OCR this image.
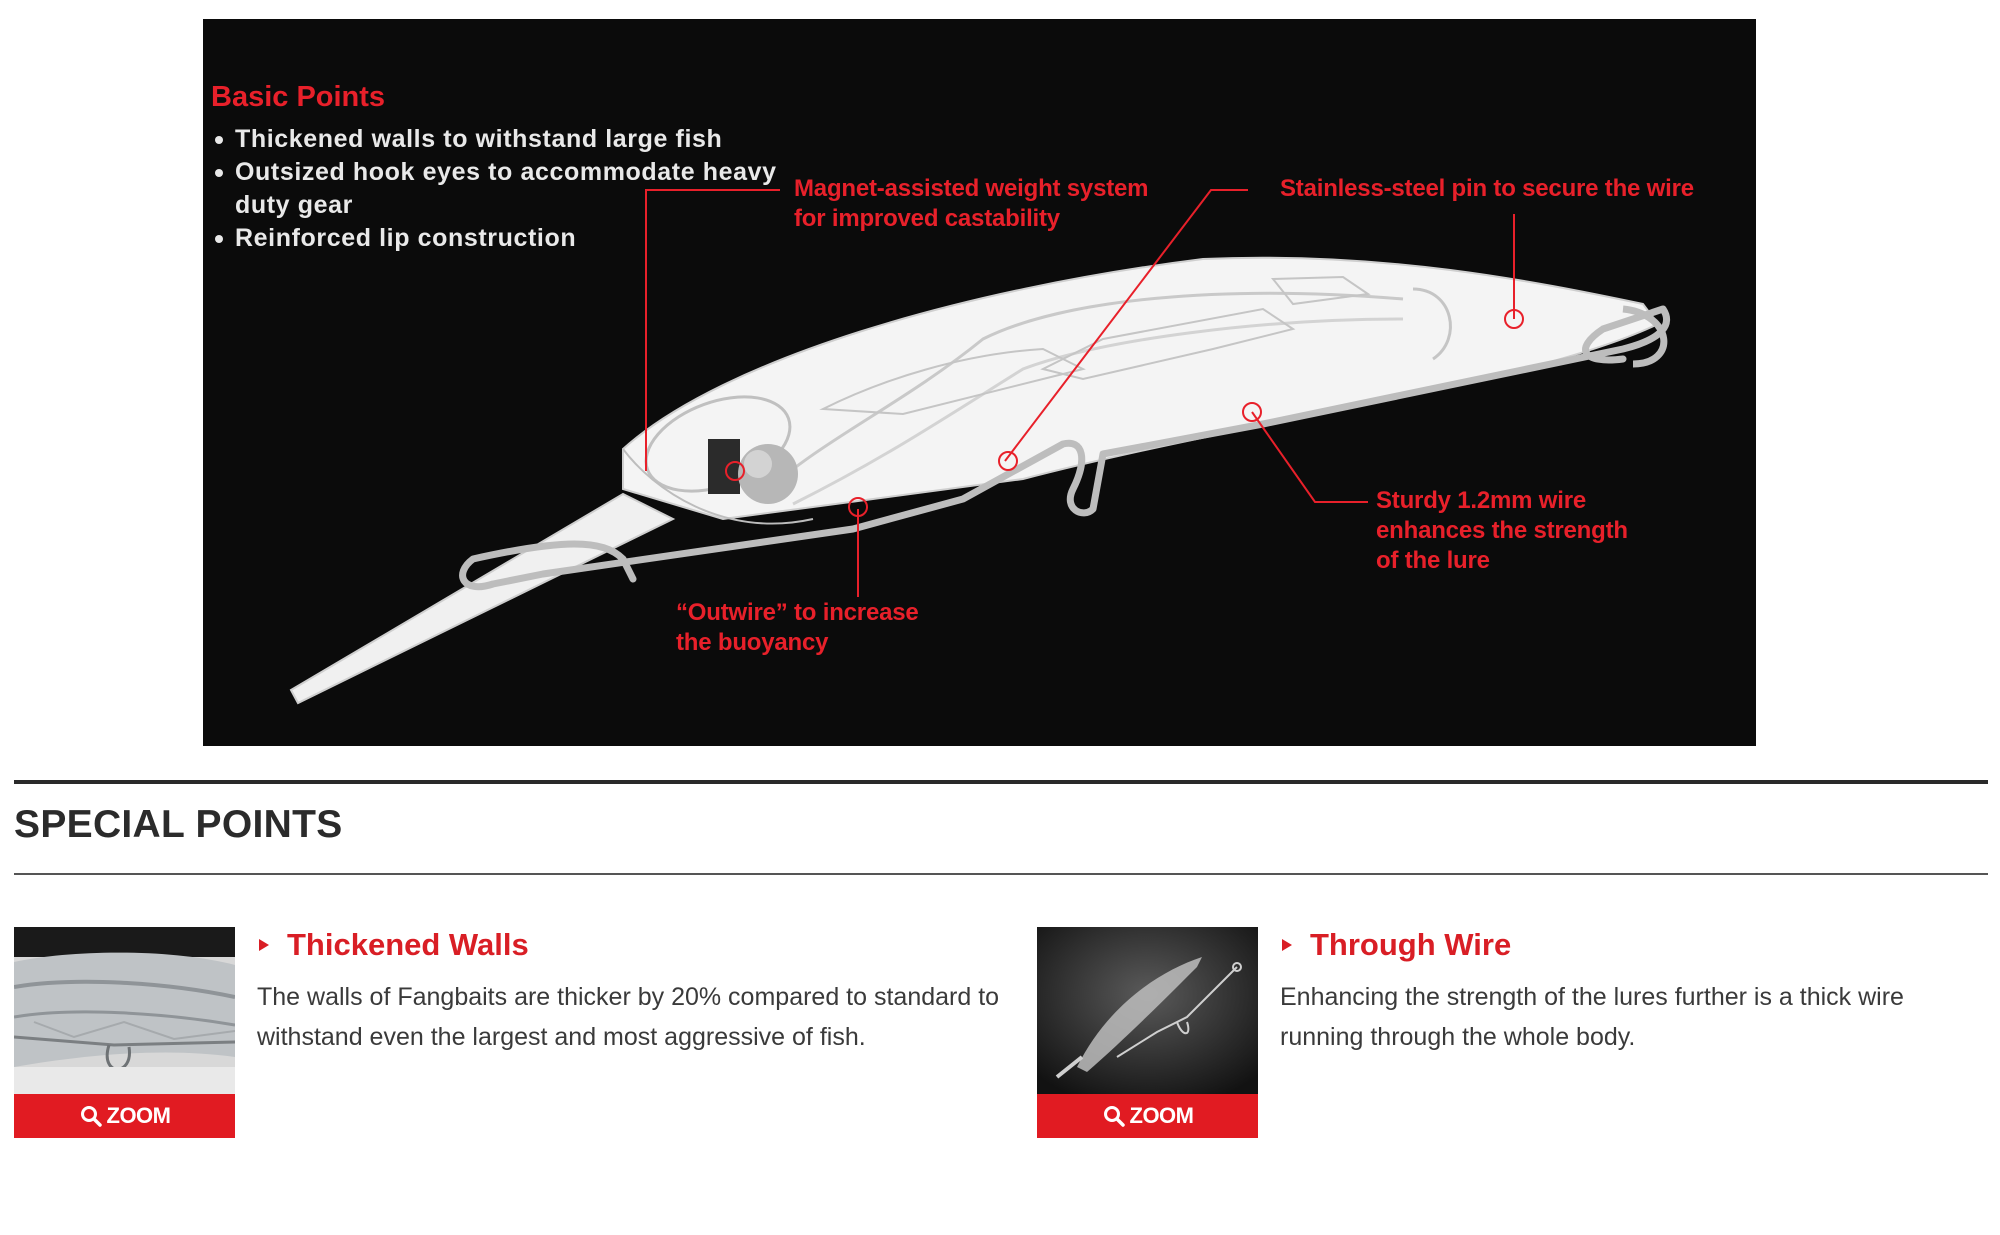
Basic Points
Thickened walls to withstand large fish
Outsized hook eyes to accommodate heavy duty gear
Reinforced lip construction
Magnet-assisted weight system
for improved castability
Stainless-steel pin to secure the wire
Sturdy 1.2mm wire
enhances the strength
of the lure
“Outwire” to increase
the buoyancy
SPECIAL POINTS
ZOOM
Thickened Walls

The walls of Fangbaits are thicker by 20% compared to standard to withstand even the largest and most aggressive of fish.

ZOOM
Through Wire

Enhancing the strength of the lures further is a thick wire running through the whole body.
